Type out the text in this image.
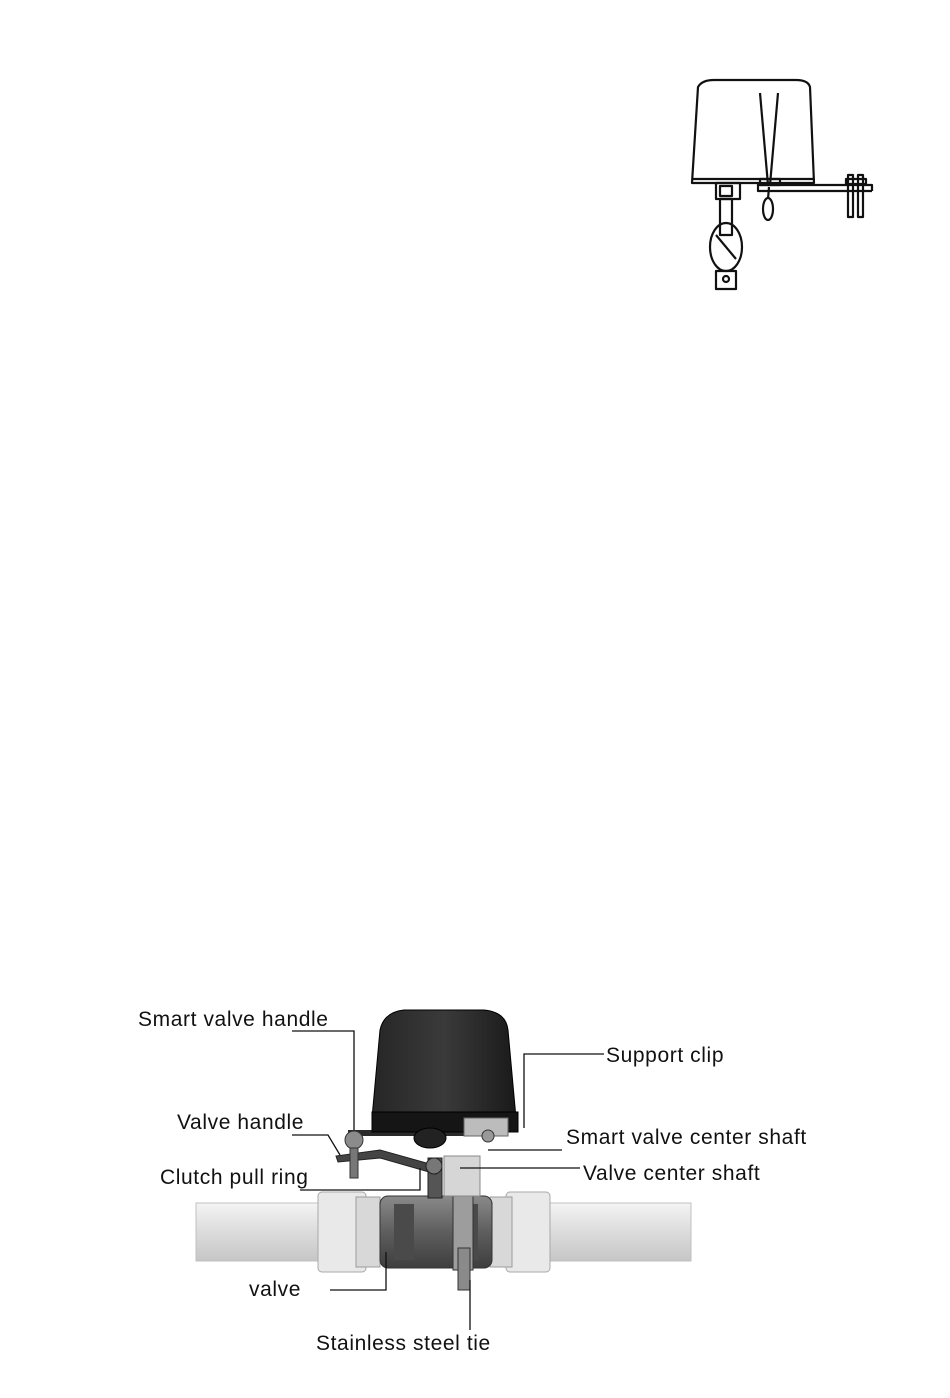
Smart valve handle
Support clip
Valve handle
Smart valve center shaft
Clutch pull ring	Valve center shaft
valve
Stainless steel tie
